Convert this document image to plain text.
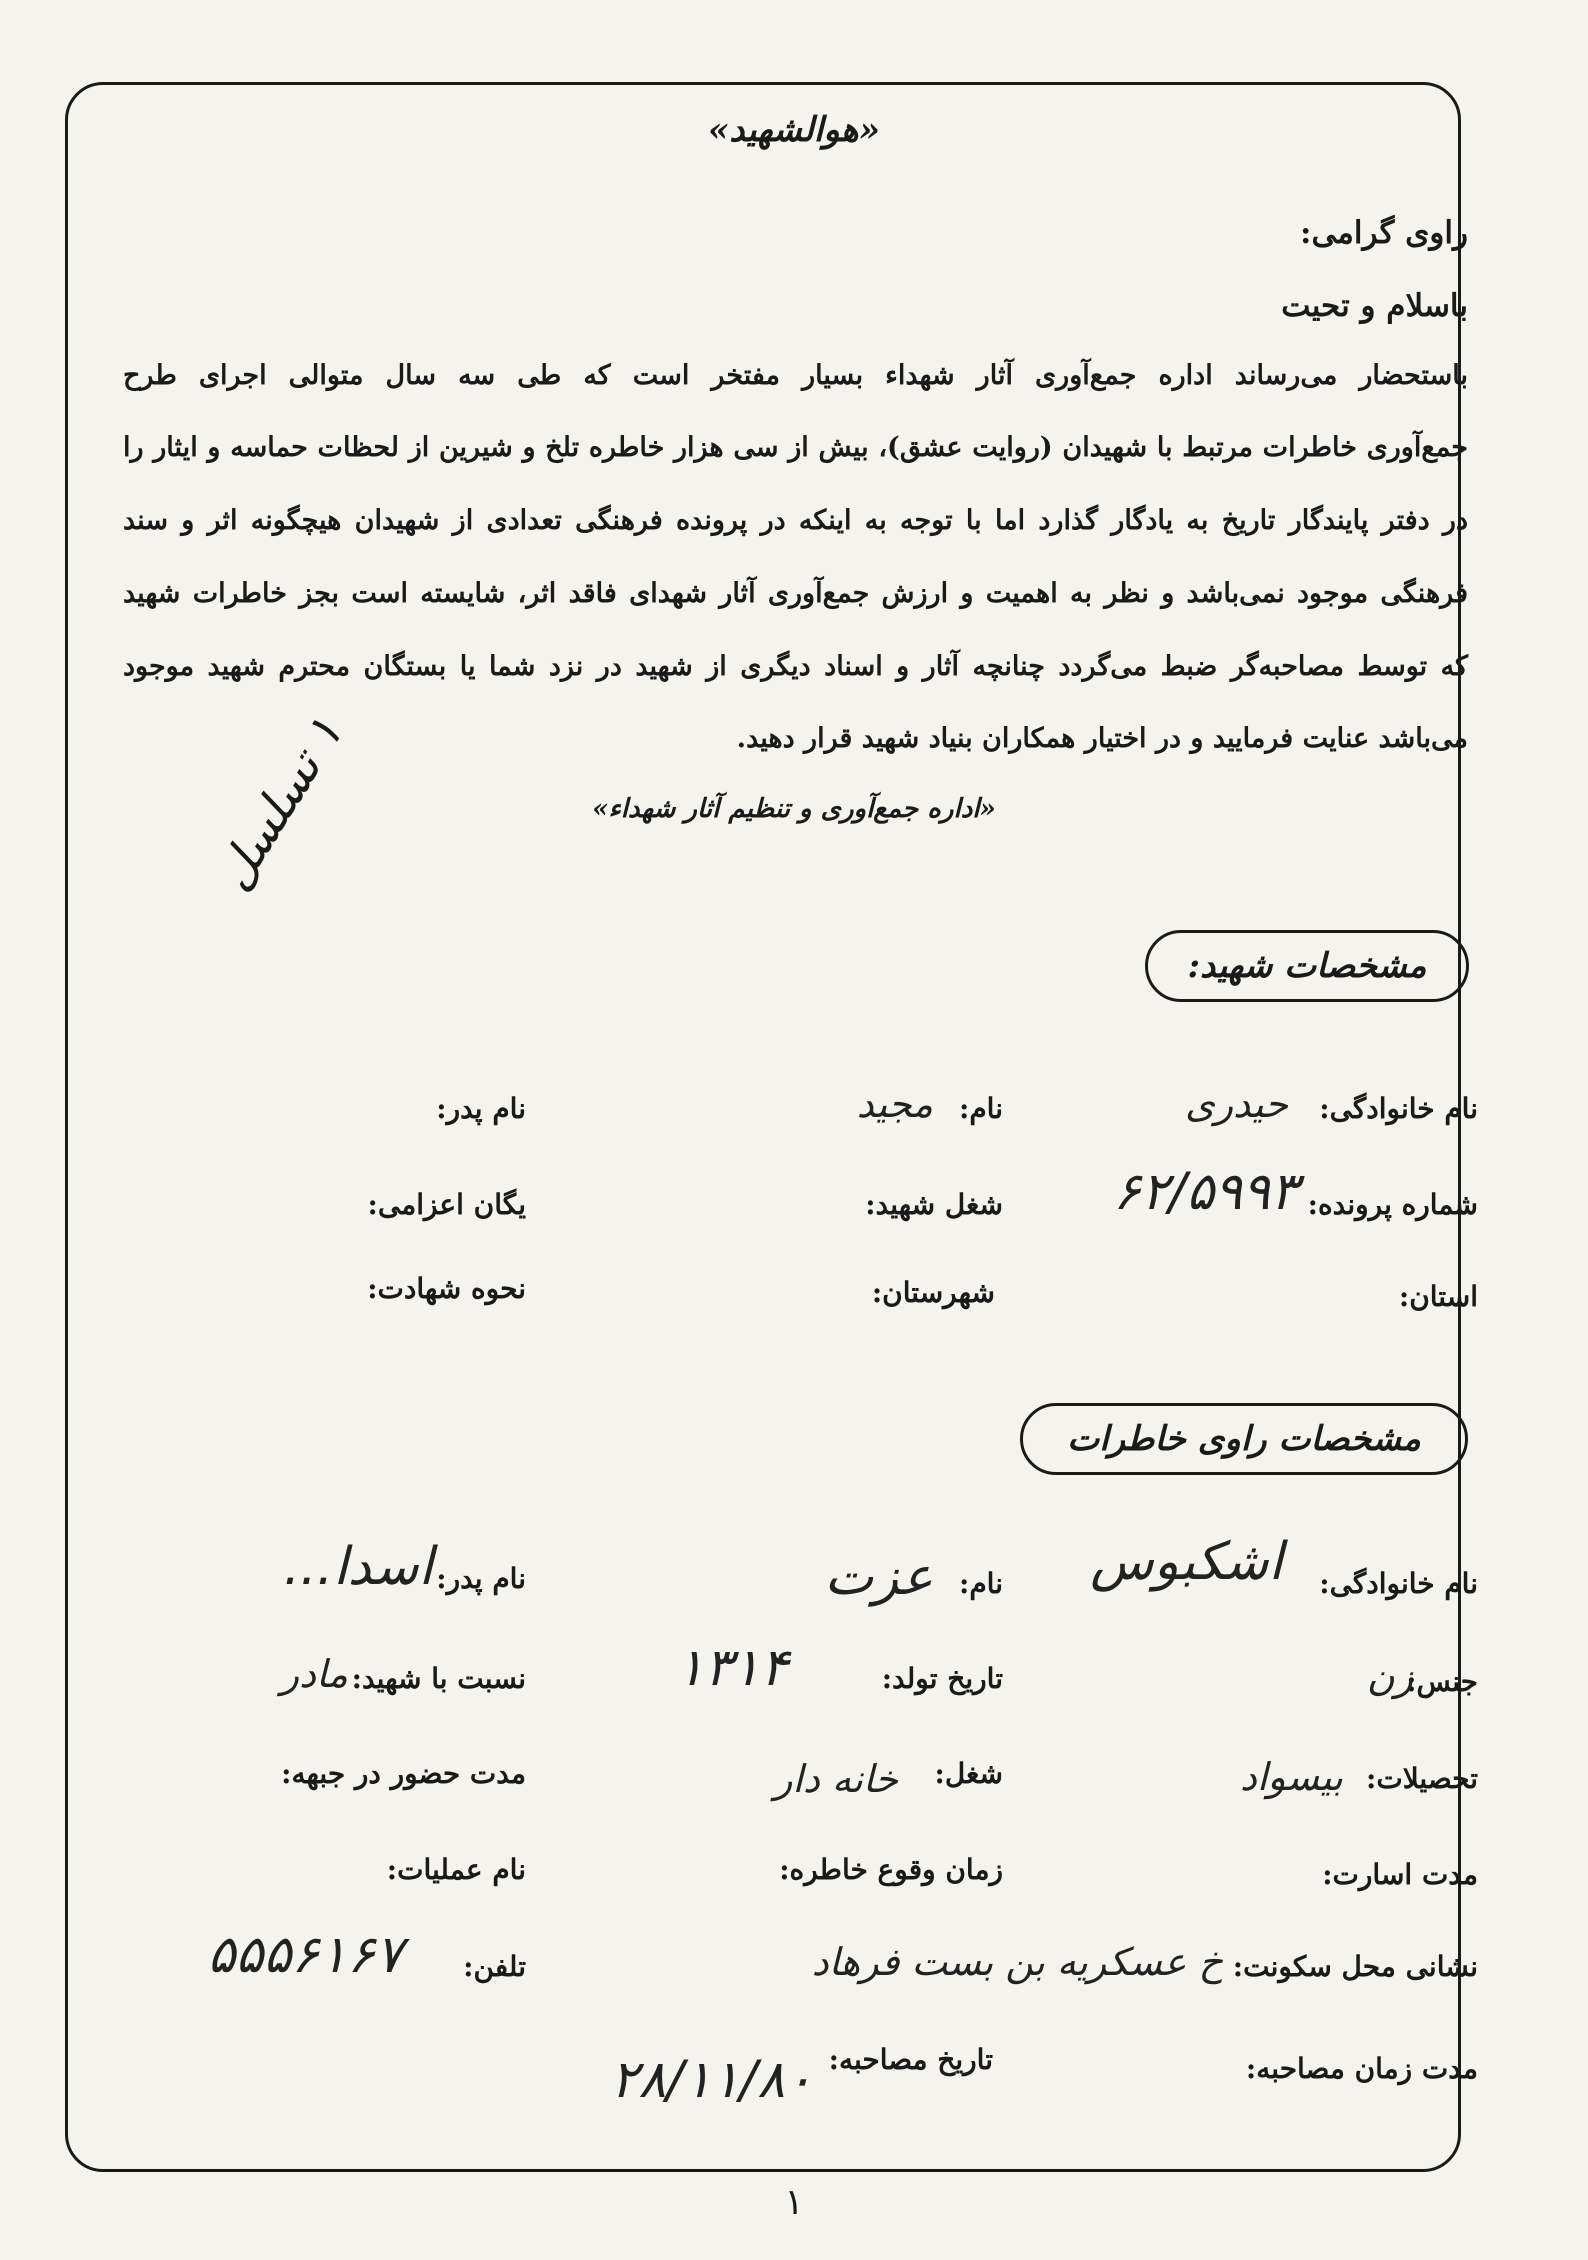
«هوالشهید»
راوی گرامی:
باسلام و تحیت
باستحضار می‌رساند اداره جمع‌آوری آثار شهداء بسیار مفتخر است که طی سه سال متوالی اجرای طرح
جمع‌آوری خاطرات مرتبط با شهیدان (روایت عشق)، بیش از سی هزار خاطره تلخ و شیرین از لحظات حماسه و ایثار را
در دفتر پایندگار تاریخ به یادگار گذارد اما با توجه به اینکه در پرونده فرهنگی تعدادی از شهیدان هیچگونه اثر و سند
فرهنگی موجود نمی‌باشد و نظر به اهمیت و ارزش جمع‌آوری آثار شهدای فاقد اثر، شایسته است بجز خاطرات شهید
که توسط مصاحبه‌گر ضبط می‌گردد چنانچه آثار و اسناد دیگری از شهید در نزد شما یا بستگان محترم شهید موجود
می‌باشد عنایت فرمایید و در اختیار همکاران بنیاد شهید قرار دهید.
«اداره جمع‌آوری و تنظیم آثار شهداء»
۱ تسلسل
مشخصات شهید:
نام خانوادگی:
حیدری
نام:
مجید
نام پدر:
شماره پرونده:
۶۲/۵۹۹۳
شغل شهید:
یگان اعزامی:
استان:
شهرستان:
نحوه شهادت:
مشخصات راوی خاطرات
نام خانوادگی:
اشکبوس
نام:
عزت
نام پدر:
اسدا...
جنس:
زن
تاریخ تولد:
۱۳۱۴
نسبت با شهید:
مادر
تحصیلات:
بیسواد
شغل:
خانه دار
مدت حضور در جبهه:
مدت اسارت:
زمان وقوع خاطره:
نام عملیات:
نشانی محل سکونت:
خ عسکریه بن بست فرهاد
تلفن:
۵۵۵۶۱۶۷
مدت زمان مصاحبه:
تاریخ مصاحبه:
۲۸/۱۱/۸۰
۱
